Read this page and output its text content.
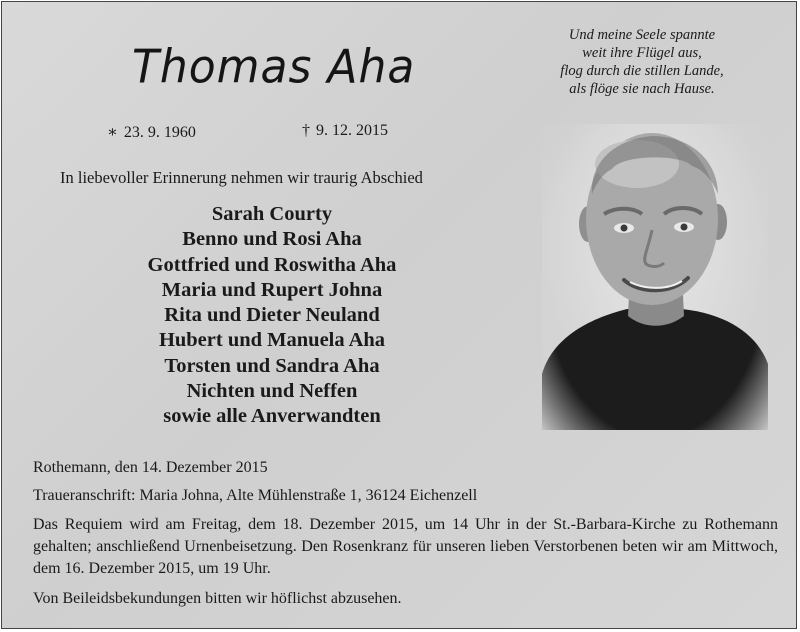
Thomas Aha
Und meine Seele spannte
weit ihre Flügel aus,
flog durch die stillen Lande,
als flöge sie nach Hause.
∗ 23. 9. 1960	† 9. 12. 2015
In liebevoller Erinnerung nehmen wir traurig Abschied
Sarah Courty
Benno und Rosi Aha
Gottfried und Roswitha Aha
Maria und Rupert Johna
Rita und Dieter Neuland
Hubert und Manuela Aha
Torsten und Sandra Aha
Nichten und Neffen
sowie alle Anverwandten
Rothemann, den 14. Dezember 2015
Traueranschrift: Maria Johna, Alte Mühlenstraße 1, 36124 Eichenzell
Das Requiem wird am Freitag, dem 18. Dezember 2015, um 14 Uhr in der St.-Barbara-Kirche zu Rothemann gehalten; anschließend Urnenbeisetzung. Den Rosenkranz für unseren lieben Verstorbenen beten wir am Mittwoch, dem 16. Dezember 2015, um 19 Uhr.
Von Beileidsbekundungen bitten wir höflichst abzusehen.
